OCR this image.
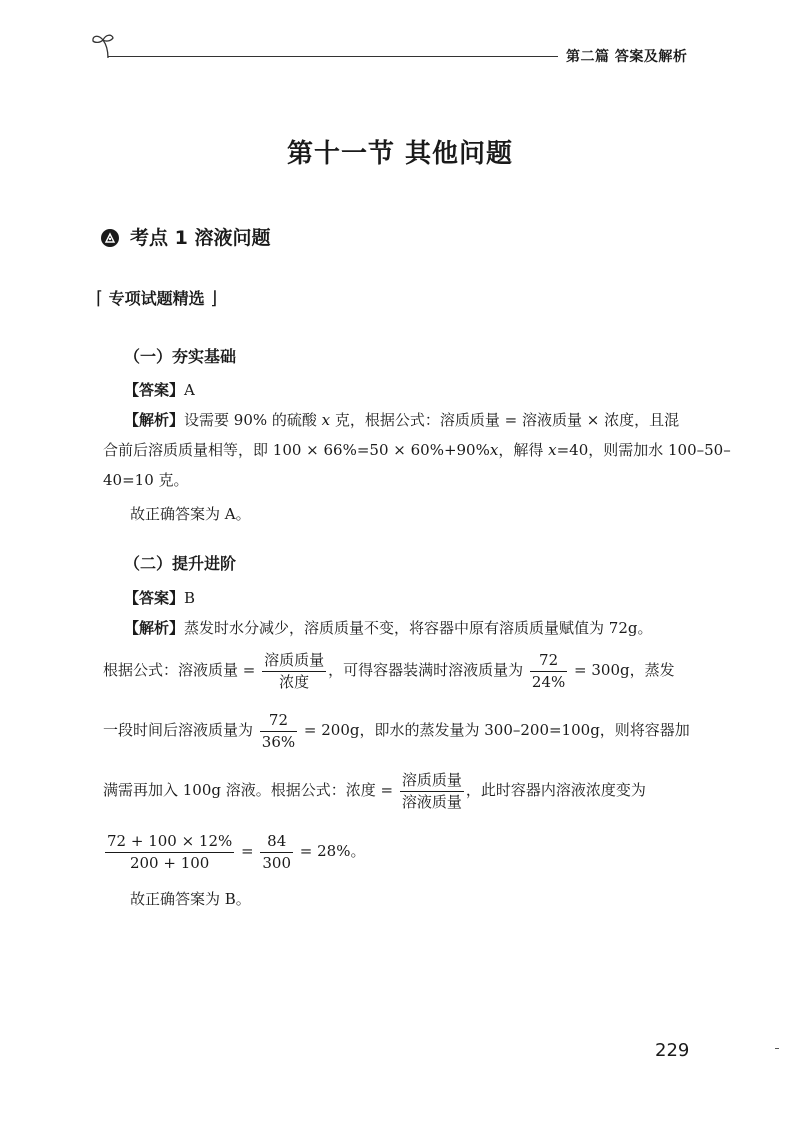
第二篇 答案及解析
第十一节 其他问题
考点 1 溶液问题
⌈ 专项试题精选 ⌋
（一）夯实基础
【答案】A
【解析】设需要 90% 的硫酸 x 克，根据公式：溶质质量 = 溶液质量 × 浓度，且混
合前后溶质质量相等，即 100 × 66%=50 × 60%+90%x，解得 x=40，则需加水 100–50–
40=10 克。
故正确答案为 A。
（二）提升进阶
【答案】B
【解析】蒸发时水分减少，溶质质量不变，将容器中原有溶质质量赋值为 72g。
根据公式：溶液质量 = $\frac{\text{溶质质量}}{\text{浓度}}$ ，可得容器装满时溶液质量为 $\frac{72}{24\%} = 300g$，蒸发
一段时间后溶液质量为 $\frac{72}{36\%} = 200g$，即水的蒸发量为 300–200=100g，则将容器加
满需再加入 100g 溶液。根据公式：浓度 = $\frac{\text{溶质质量}}{\text{溶液质量}}$ ，此时容器内溶液浓度变为
$\frac{72 + 100 \times 12\%}{200 + 100} = \frac{84}{300} = 28\%$。
故正确答案为 B。
229
